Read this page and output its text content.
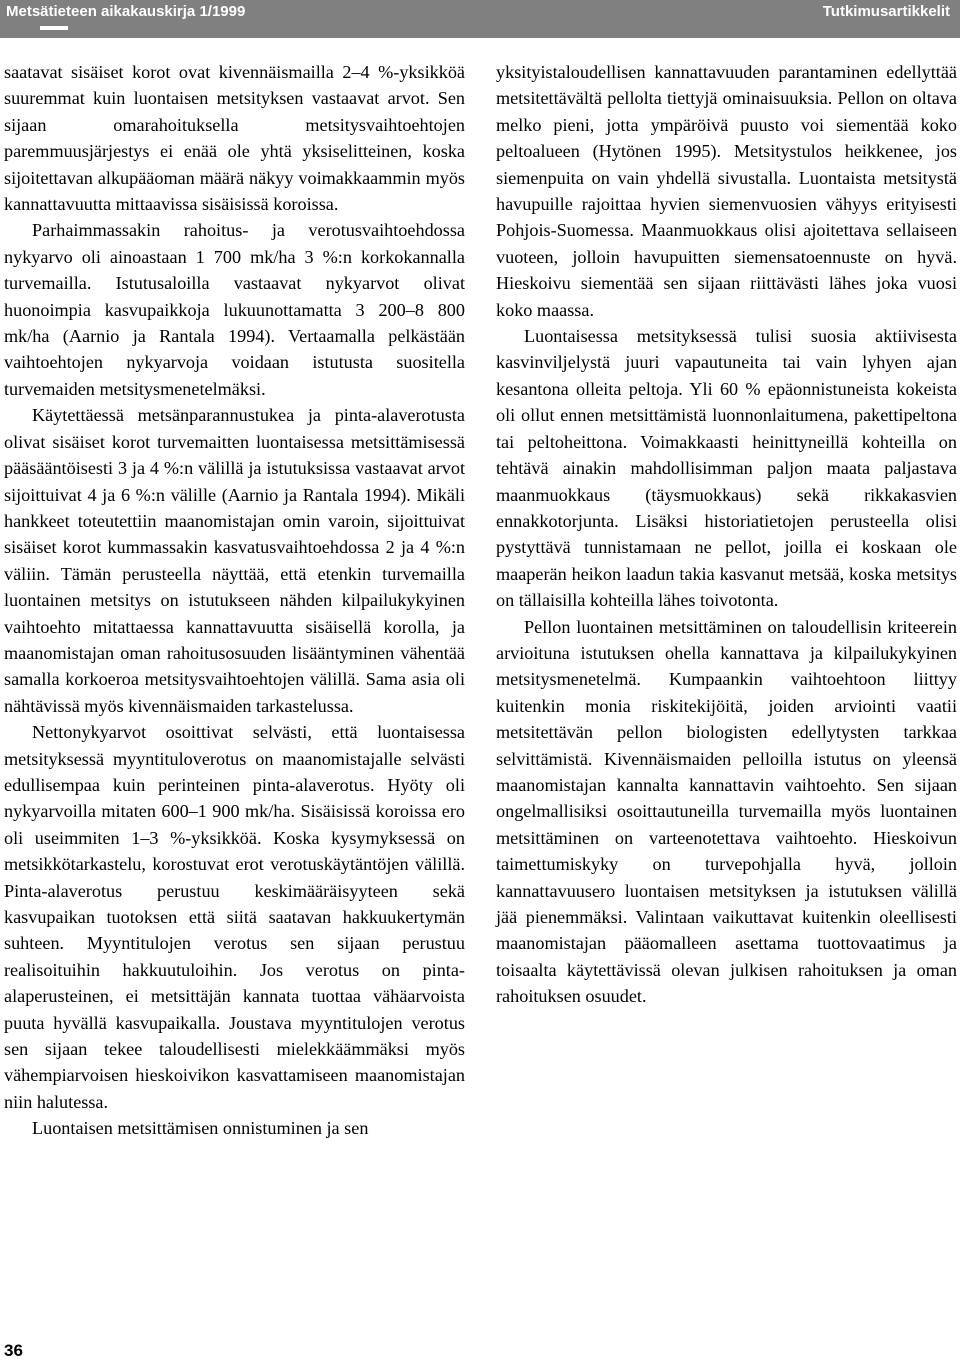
Metsätieteen aikakauskirja 1/1999	Tutkimusartikkelit

saatavat sisäiset korot ovat kivennäismailla 2–4 %-yksikköä suuremmat kuin luontaisen metsityksen vastaavat arvot. Sen sijaan omarahoituksella metsitysvaihtoehtojen paremmuusjärjestys ei enää ole yhtä yksiselitteinen, koska sijoitettavan alkupääoman määrä näkyy voimakkaammin myös kannattavuutta mittaavissa sisäisissä koroissa.

Parhaimmassakin rahoitus- ja verotusvaihtoehdossa nykyarvo oli ainoastaan 1 700 mk/ha 3 %:n korkokannalla turvemailla. Istutusaloilla vastaavat nykyarvot olivat huonoimpia kasvupaikkoja lukuunottamatta 3 200–8 800 mk/ha (Aarnio ja Rantala 1994). Vertaamalla pelkästään vaihtoehtojen nykyarvoja voidaan istutusta suositella turvemaiden metsitysmenetelmäksi.

Käytettäessä metsänparannustukea ja pinta-alaverotusta olivat sisäiset korot turvemaitten luontaisessa metsittämisessä pääsääntöisesti 3 ja 4 %:n välillä ja istutuksissa vastaavat arvot sijoittuivat 4 ja 6 %:n välille (Aarnio ja Rantala 1994). Mikäli hankkeet toteutettiin maanomistajan omin varoin, sijoittuivat sisäiset korot kummassakin kasvatusvaihtoehdossa 2 ja 4 %:n väliin. Tämän perusteella näyttää, että etenkin turvemailla luontainen metsitys on istutukseen nähden kilpailukykyinen vaihtoehto mitattaessa kannattavuutta sisäisellä korolla, ja maanomistajan oman rahoitusosuuden lisääntyminen vähentää samalla korkoeroa metsitysvaihtoehtojen välillä. Sama asia oli nähtävissä myös kivennäismaiden tarkastelussa.

Nettonykyarvot osoittivat selvästi, että luontaisessa metsityksessä myyntituloverotus on maanomistajalle selvästi edullisempaa kuin perinteinen pinta-alaverotus. Hyöty oli nykyarvoilla mitaten 600–1 900 mk/ha. Sisäisissä koroissa ero oli useimmiten 1–3 %-yksikköä. Koska kysymyksessä on metsikkötarkastelu, korostuvat erot verotuskäytäntöjen välillä. Pinta-alaverotus perustuu keskimääräisyyteen sekä kasvupaikan tuotoksen että siitä saatavan hakkuukertymän suhteen. Myyntitulojen verotus sen sijaan perustuu realisoituihin hakkuutuloihin. Jos verotus on pinta-alaperusteinen, ei metsittäjän kannata tuottaa vähäarvoista puuta hyvällä kasvupaikalla. Joustava myyntitulojen verotus sen sijaan tekee taloudellisesti mielekkäämmäksi myös vähempiarvoisen hieskoivikon kasvattamiseen maanomistajan niin halutessa.

Luontaisen metsittämisen onnistuminen ja sen

yksityistaloudellisen kannattavuuden parantaminen edellyttää metsitettävältä pellolta tiettyjä ominaisuuksia. Pellon on oltava melko pieni, jotta ympäröivä puusto voi siementää koko peltoalueen (Hytönen 1995). Metsitystulos heikkenee, jos siemenpuita on vain yhdellä sivustalla. Luontaista metsitystä havupuille rajoittaa hyvien siemenvuosien vähyys erityisesti Pohjois-Suomessa. Maanmuokkaus olisi ajoitettava sellaiseen vuoteen, jolloin havupuitten siemensatoennuste on hyvä. Hieskoivu siementää sen sijaan riittävästi lähes joka vuosi koko maassa.

Luontaisessa metsityksessä tulisi suosia aktiivisesta kasvinviljelystä juuri vapautuneita tai vain lyhyen ajan kesantona olleita peltoja. Yli 60 % epäonnistuneista kokeista oli ollut ennen metsittämistä luonnonlaitumena, pakettipeltona tai peltoheittona. Voimakkaasti heinittyneillä kohteilla on tehtävä ainakin mahdollisimman paljon maata paljastava maanmuokkaus (täysmuokkaus) sekä rikkakasvien ennakkotorjunta. Lisäksi historiatietojen perusteella olisi pystyttävä tunnistamaan ne pellot, joilla ei koskaan ole maaperän heikon laadun takia kasvanut metsää, koska metsitys on tällaisilla kohteilla lähes toivotonta.

Pellon luontainen metsittäminen on taloudellisin kriteerein arvioituna istutuksen ohella kannattava ja kilpailukykyinen metsitysmenetelmä. Kumpaankin vaihtoehtoon liittyy kuitenkin monia riskitekijöitä, joiden arviointi vaatii metsitettävän pellon biologisten edellytysten tarkkaa selvittämistä. Kivennäismaiden pelloilla istutus on yleensä maanomistajan kannalta kannattavin vaihtoehto. Sen sijaan ongelmallisiksi osoittautuneilla turvemailla myös luontainen metsittäminen on varteenotettava vaihtoehto. Hieskoivun taimettumiskyky on turvepohjalla hyvä, jolloin kannattavuusero luontaisen metsityksen ja istutuksen välillä jää pienemmäksi. Valintaan vaikuttavat kuitenkin oleellisesti maanomistajan pääomalleen asettama tuottovaatimus ja toisaalta käytettävissä olevan julkisen rahoituksen ja oman rahoituksen osuudet.

36
